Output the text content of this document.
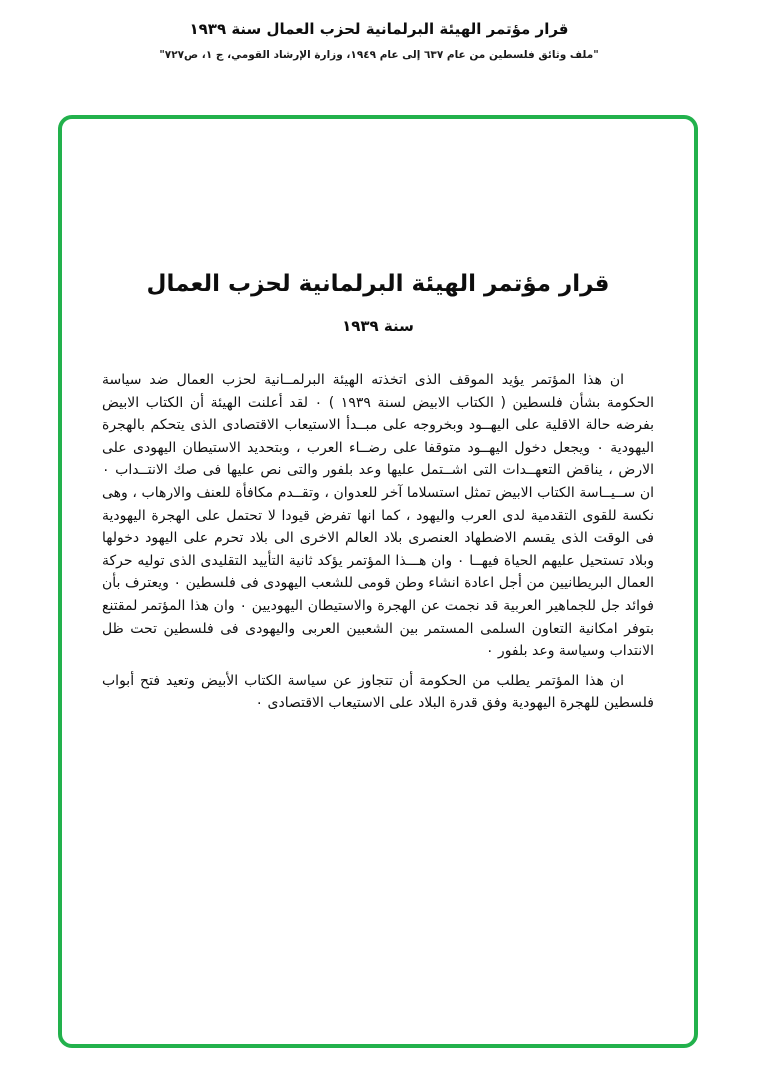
قرار مؤتمر الهيئة البرلمانية لحزب العمال سنة ١٩٣٩
"ملف وثائق فلسطين من عام ٦٣٧ إلى عام ١٩٤٩، وزارة الإرشاد القومي، ج ١، ص٧٢٧"
قرار مؤتمر الهيئة البرلمانية لحزب العمال
سنة ١٩٣٩

ان هذا المؤتمر يؤيد الموقف الذى اتخذته الهيئة البرلمــانية لحزب العمال ضد سياسة الحكومة بشأن فلسطين ( الكتاب الابيض لسنة ١٩٣٩ ) ٠ لقد أعلنت الهيئة أن الكتاب الابيض بفرضه حالة الاقلية على اليهــود وبخروجه على مبــدأ الاستيعاب الاقتصادى الذى يتحكم بالهجرة اليهودية ٠ ويجعل دخول اليهــود متوقفا على رضــاء العرب ، وبتحديد الاستيطان اليهودى على الارض ، يناقض التعهــدات التى اشــتمل عليها وعد بلفور والتى نص عليها فى صك الانتــداب ٠ ان ســيــاسة الكتاب الابيض تمثل استسلاما آخر للعدوان ، وتقــدم مكافأة للعنف والارهاب ، وهى نكسة للقوى التقدمية لدى العرب واليهود ، كما انها تفرض قيودا لا تحتمل على الهجرة اليهودية فى الوقت الذى يقسم الاضطهاد العنصرى بلاد العالم الاخرى الى بلاد تحرم على اليهود دخولها وبلاد تستحيل عليهم الحياة فيهــا ٠ وان هـــذا المؤتمر يؤكد ثانية التأييد التقليدى الذى توليه حركة العمال البريطانيين من أجل اعادة انشاء وطن قومى للشعب اليهودى فى فلسطين ٠ ويعترف بأن فوائد جل للجماهير العربية قد نجمت عن الهجرة والاستيطان اليهوديين ٠ وان هذا المؤتمر لمقتنع بتوفر امكانية التعاون السلمى المستمر بين الشعبين العربى واليهودى فى فلسطين تحت ظل الانتداب وسياسة وعد بلفور ٠

ان هذا المؤتمر يطلب من الحكومة أن تتجاوز عن سياسة الكتاب الأبيض وتعيد فتح أبواب فلسطين للهجرة اليهودية وفق قدرة البلاد على الاستيعاب الاقتصادى ٠
